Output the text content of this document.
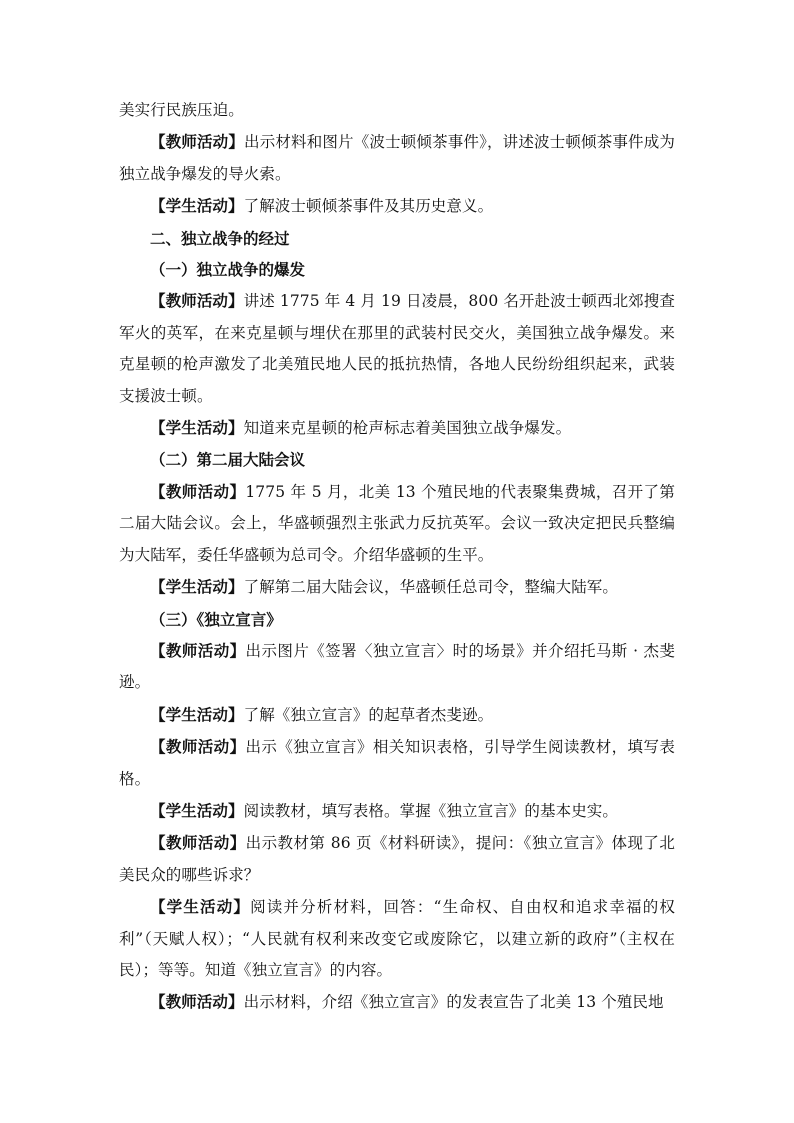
美实行民族压迫。

【教师活动】出示材料和图片《波士顿倾茶事件》，讲述波士顿倾茶事件成为独立战争爆发的导火索。

【学生活动】了解波士顿倾茶事件及其历史意义。

二、独立战争的经过

（一）独立战争的爆发

【教师活动】讲述 1775 年 4 月 19 日凌晨，800 名开赴波士顿西北郊搜查军火的英军，在来克星顿与埋伏在那里的武装村民交火，美国独立战争爆发。来克星顿的枪声激发了北美殖民地人民的抵抗热情，各地人民纷纷组织起来，武装支援波士顿。

【学生活动】知道来克星顿的枪声标志着美国独立战争爆发。

（二）第二届大陆会议

【教师活动】1775 年 5 月，北美 13 个殖民地的代表聚集费城，召开了第二届大陆会议。会上，华盛顿强烈主张武力反抗英军。会议一致决定把民兵整编为大陆军，委任华盛顿为总司令。介绍华盛顿的生平。

【学生活动】了解第二届大陆会议，华盛顿任总司令，整编大陆军。

（三）《独立宣言》

【教师活动】出示图片《签署〈独立宣言〉时的场景》并介绍托马斯 · 杰斐逊。

【学生活动】了解《独立宣言》的起草者杰斐逊。

【教师活动】出示《独立宣言》相关知识表格，引导学生阅读教材，填写表格。

【学生活动】阅读教材，填写表格。掌握《独立宣言》的基本史实。

【教师活动】出示教材第 86 页《材料研读》，提问：《独立宣言》体现了北美民众的哪些诉求？

【学生活动】阅读并分析材料，回答：“生命权、自由权和追求幸福的权利”（天赋人权）；“人民就有权利来改变它或废除它，以建立新的政府”（主权在民）；等等。知道《独立宣言》的内容。

【教师活动】出示材料，介绍《独立宣言》的发表宣告了北美 13 个殖民地
